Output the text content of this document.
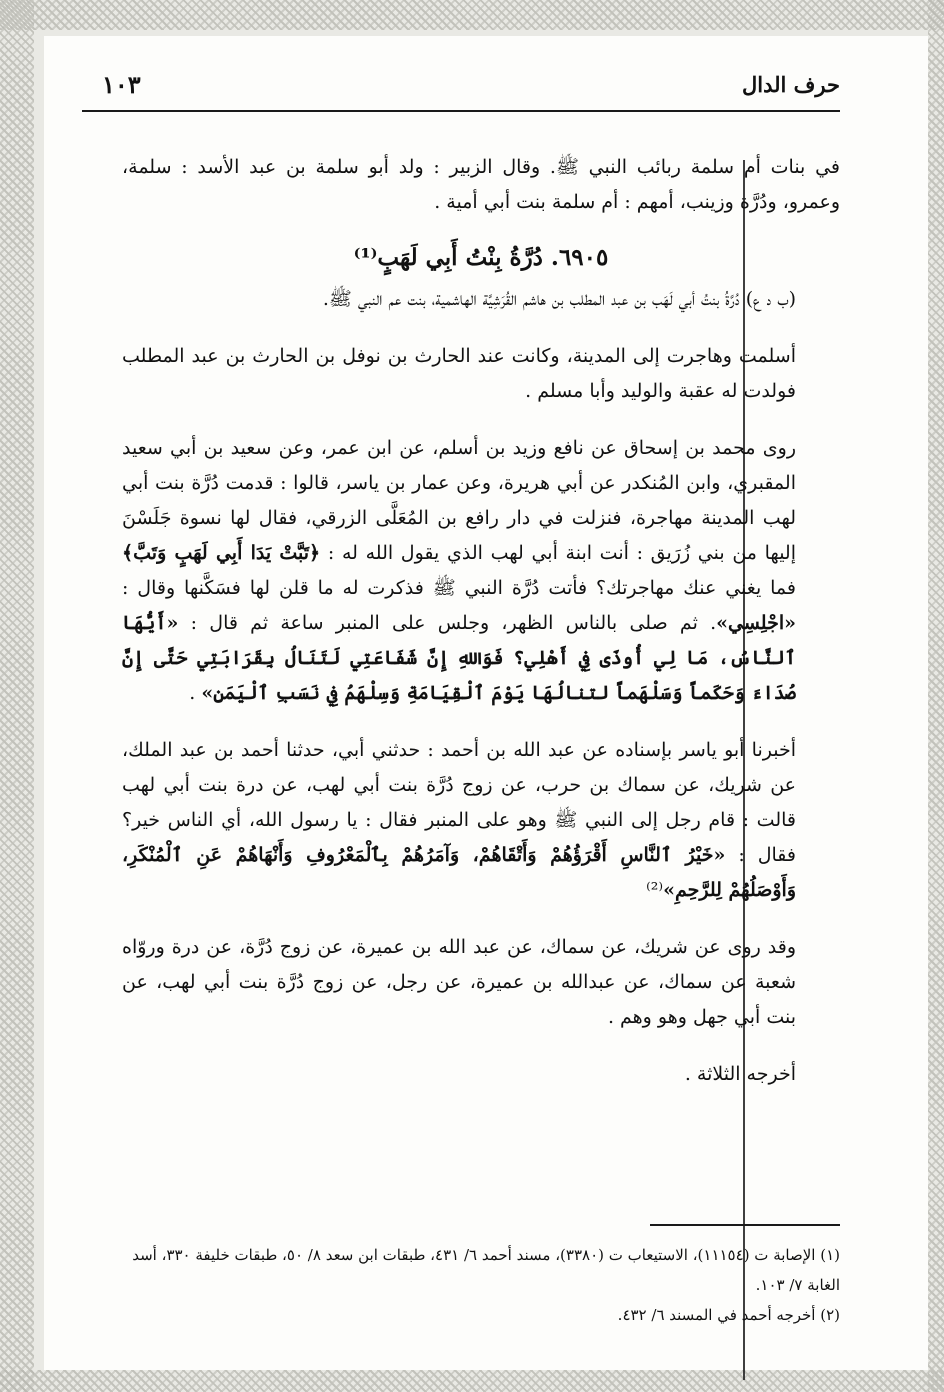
حرف الدال
١٠٣

في بنات أم سلمة ربائب النبي ﷺ. وقال الزبير : ولد أبو سلمة بن عبد الأسد : سلمة، وعمرو، ودُرَّة وزينب، أمهم : أم سلمة بنت أبي أمية .

٦٩٠٥. دُرَّةُ بِنْتُ أَبِي لَهَبٍ⁽¹⁾

(ب د ع) دُرَّةُ بنتُ أبي لَهَب بن عبد المطلب بن هاشم القُرَشِيَّة الهاشمية، بنت عم النبي ﷺ.

أسلمت وهاجرت إلى المدينة، وكانت عند الحارث بن نوفل بن الحارث بن عبد المطلب فولدت له عقبة والوليد وأبا مسلم .

روى محمد بن إسحاق عن نافع وزيد بن أسلم، عن ابن عمر، وعن سعيد بن أبي سعيد المقبري، وابن المُنكدر عن أبي هريرة، وعن عمار بن ياسر، قالوا : قدمت دُرَّة بنت أبي لهب المدينة مهاجرة، فنزلت في دار رافع بن المُعَلَّى الزرقي، فقال لها نسوة جَلَسْنَ إليها من بني زُرَيق : أنت ابنة أبي لهب الذي يقول الله له : ﴿تَبَّتْ يَدَا أَبِي لَهَبٍ وَتَبَّ﴾ فما يغني عنك مهاجرتك؟ فأتت دُرَّة النبي ﷺ فذكرت له ما قلن لها فسَكَّنها وقال : «اجْلِسِي». ثم صلى بالناس الظهر، وجلس على المنبر ساعة ثم قال : «أَيُّهَا ٱلنَّاسُ، مَا لِي أُوذَى فِي أَهْلِي؟ فَوَاللهِ إِنَّ شَفَاعَتِي لَتَنَالُ بِقَرَابَتِي حَتَّى إِنَّ صُدَاءَ وَحَكَماً وَسَلْهَماً لتنالُهَا يَوْمَ ٱلْقِيَامَةِ وَسِلْهَمُ فِي نَسَبِ ٱلْيَمَنِ» .

أخبرنا أبو ياسر بإسناده عن عبد الله بن أحمد : حدثني أبي، حدثنا أحمد بن عبد الملك، عن شريك، عن سماك بن حرب، عن زوج دُرَّة بنت أبي لهب، عن درة بنت أبي لهب قالت : قام رجل إلى النبي ﷺ وهو على المنبر فقال : يا رسول الله، أي الناس خير؟ فقال : «خَيْرُ ٱلنَّاسِ أَقْرَؤُهُمْ وَأَتْقَاهُمْ، وَآمَرُهُمْ بِٱلْمَعْرُوفِ وَأَنْهَاهُمْ عَنِ ٱلْمُنْكَرِ، وَأَوْصَلُهُمْ لِلرَّحِمِ»⁽²⁾

وقد روى عن شريك، عن سماك، عن عبد الله بن عميرة، عن زوج دُرَّة، عن درة وروّاه شعبة عن سماك، عن عبدالله بن عميرة، عن رجل، عن زوج دُرَّة بنت أبي لهب، عن بنت أبي جهل وهو وهم .

أخرجه الثلاثة .

(١) الإصابة ت (١١١٥٤)، الاستيعاب ت (٣٣٨٠)، مسند أحمد ٦/ ٤٣١، طبقات ابن سعد ٨/ ٥٠، طبقات خليفة ٣٣٠، أسد الغابة ٧/ ١٠٣.

(٢) أخرجه أحمد في المسند ٦/ ٤٣٢.
